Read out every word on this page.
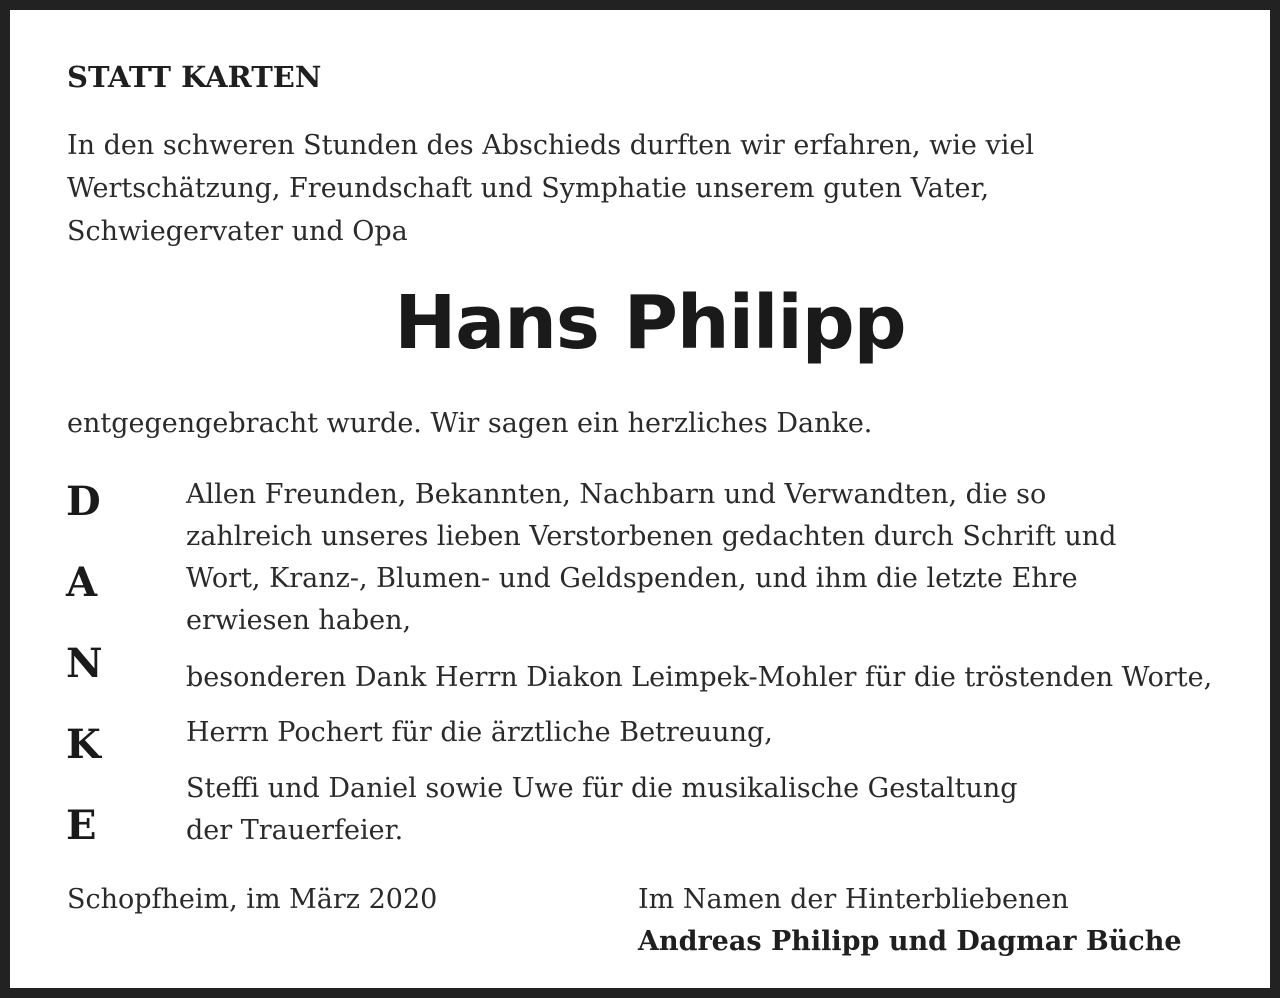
STATT KARTEN
In den schweren Stunden des Abschieds durften wir erfahren, wie viel
Wertschätzung, Freundschaft und Symphatie unserem guten Vater,
Schwiegervater und Opa
Hans Philipp
entgegengebracht wurde. Wir sagen ein herzliches Danke.
D
A
N
K
E
Allen Freunden, Bekannten, Nachbarn und Verwandten, die so
zahlreich unseres lieben Verstorbenen gedachten durch Schrift und
Wort, Kranz-, Blumen- und Geldspenden, und ihm die letzte Ehre
erwiesen haben,
besonderen Dank Herrn Diakon Leimpek-Mohler für die tröstenden Worte,
Herrn Pochert für die ärztliche Betreuung,
Steffi und Daniel sowie Uwe für die musikalische Gestaltung
der Trauerfeier.
Schopfheim, im März 2020	Im Namen der Hinterbliebenen
Andreas Philipp und Dagmar Büche
